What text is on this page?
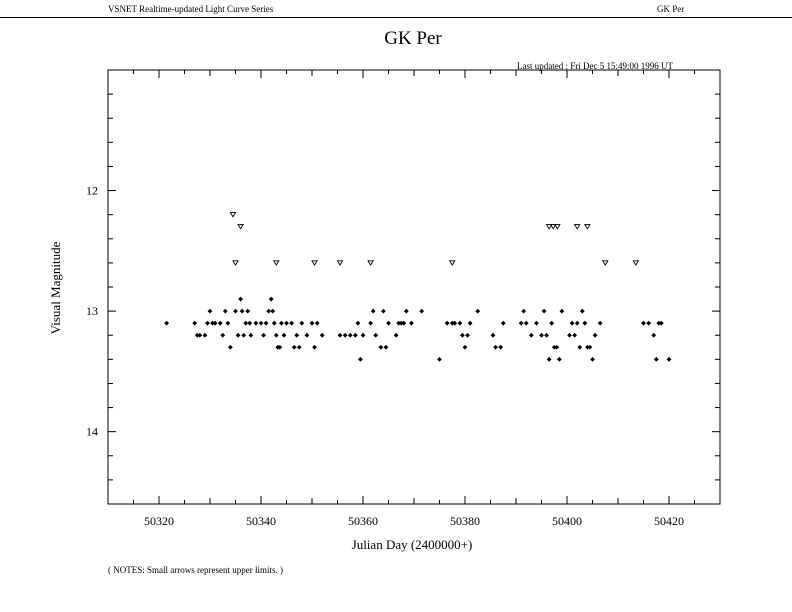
VSNET Realtime-updated Light Curve Series	GK Per
GK Per
Last updated : Fri Dec 5 15:49:00 1996 UT
50320	50340	50360	50380	50400	50420
12
13
14
Julian Day (2400000+)
Visual Magnitude
( NOTES: Small arrows represent upper limits. )
